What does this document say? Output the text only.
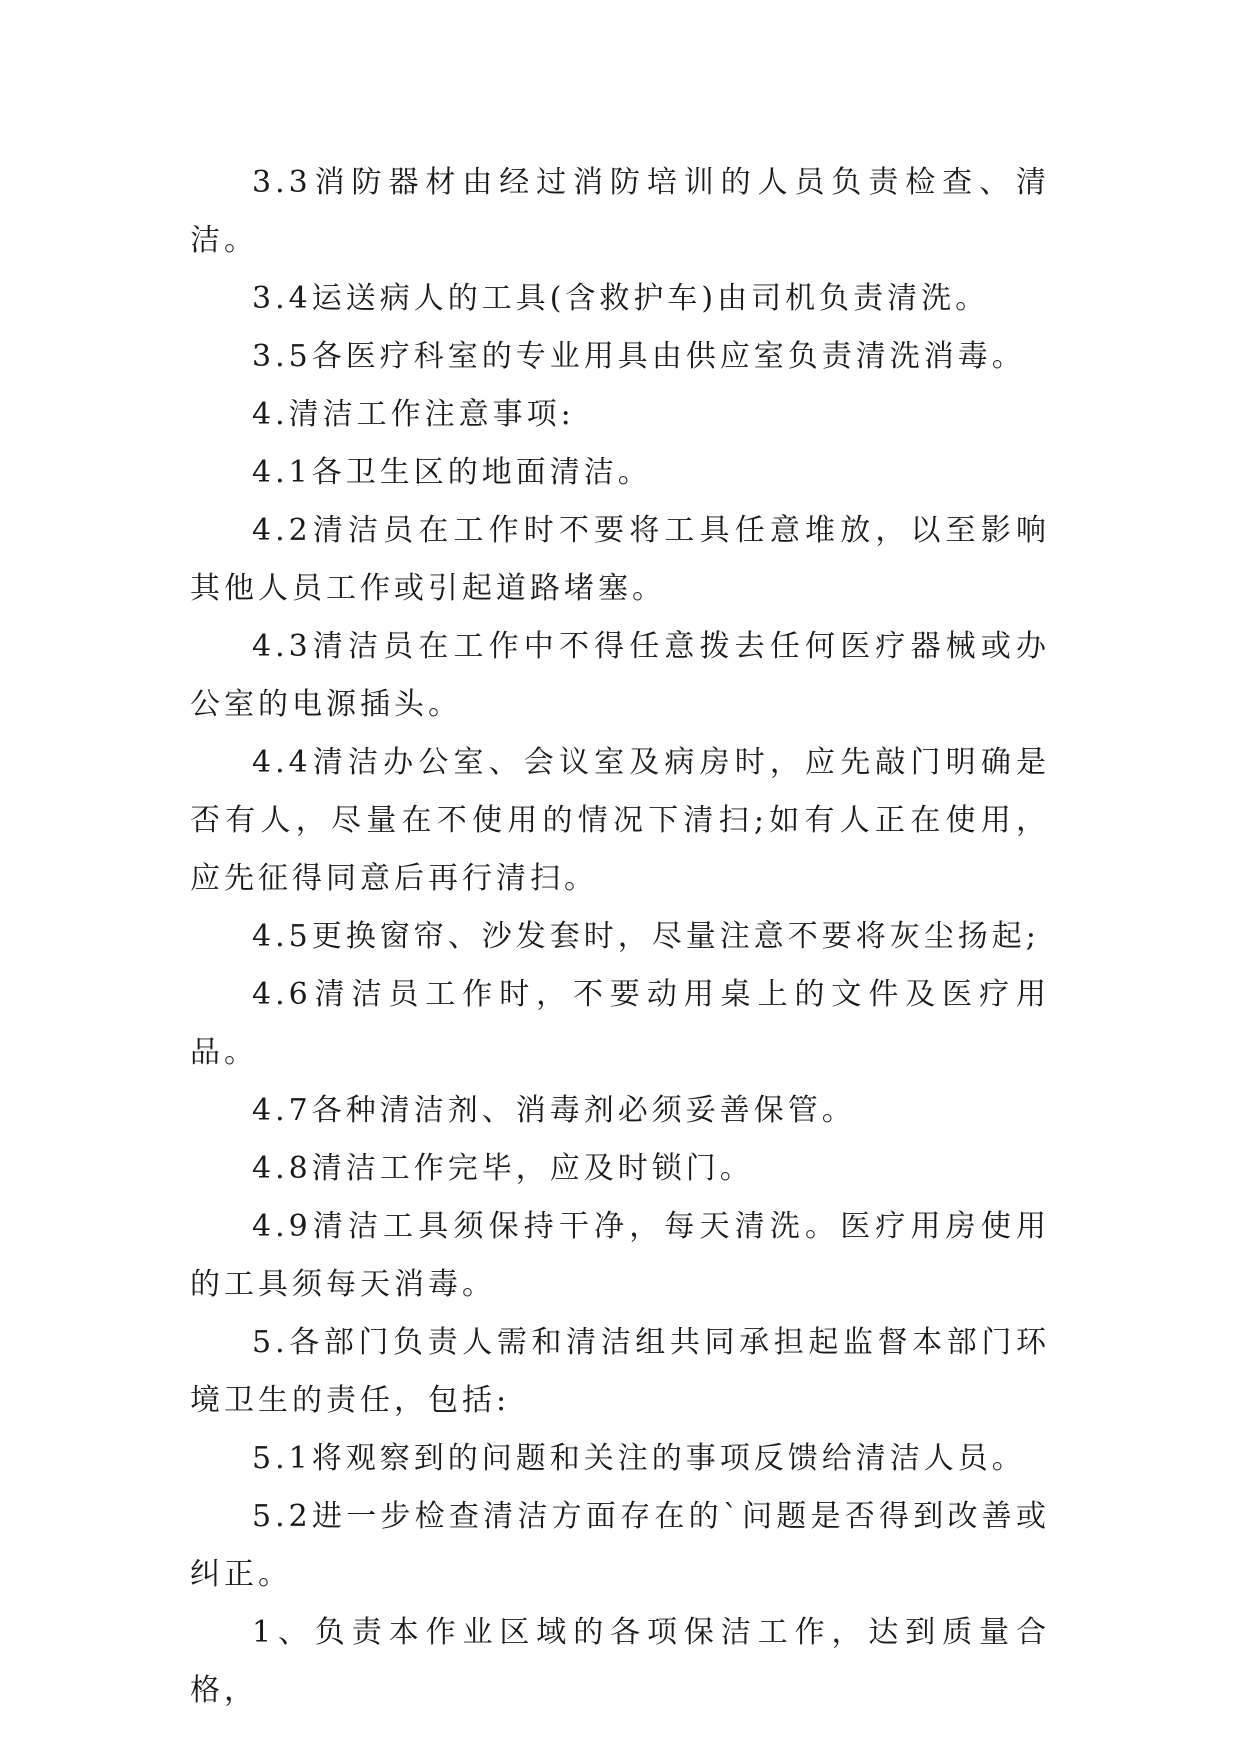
3.3消防器材由经过消防培训的人员负责检查、清洁。

3.4运送病人的工具(含救护车)由司机负责清洗。

3.5各医疗科室的专业用具由供应室负责清洗消毒。

4.清洁工作注意事项:

4.1各卫生区的地面清洁。

4.2清洁员在工作时不要将工具任意堆放，以至影响其他人员工作或引起道路堵塞。

4.3清洁员在工作中不得任意拨去任何医疗器械或办公室的电源插头。

4.4清洁办公室、会议室及病房时，应先敲门明确是否有人，尽量在不使用的情况下清扫;如有人正在使用，应先征得同意后再行清扫。

4.5更换窗帘、沙发套时，尽量注意不要将灰尘扬起;

4.6清洁员工作时，不要动用桌上的文件及医疗用品。

4.7各种清洁剂、消毒剂必须妥善保管。

4.8清洁工作完毕，应及时锁门。

4.9清洁工具须保持干净，每天清洗。医疗用房使用的工具须每天消毒。

5.各部门负责人需和清洁组共同承担起监督本部门环境卫生的责任，包括:

5.1将观察到的问题和关注的事项反馈给清洁人员。

5.2进一步检查清洁方面存在的`问题是否得到改善或纠正。

1、负责本作业区域的各项保洁工作，达到质量合格，
